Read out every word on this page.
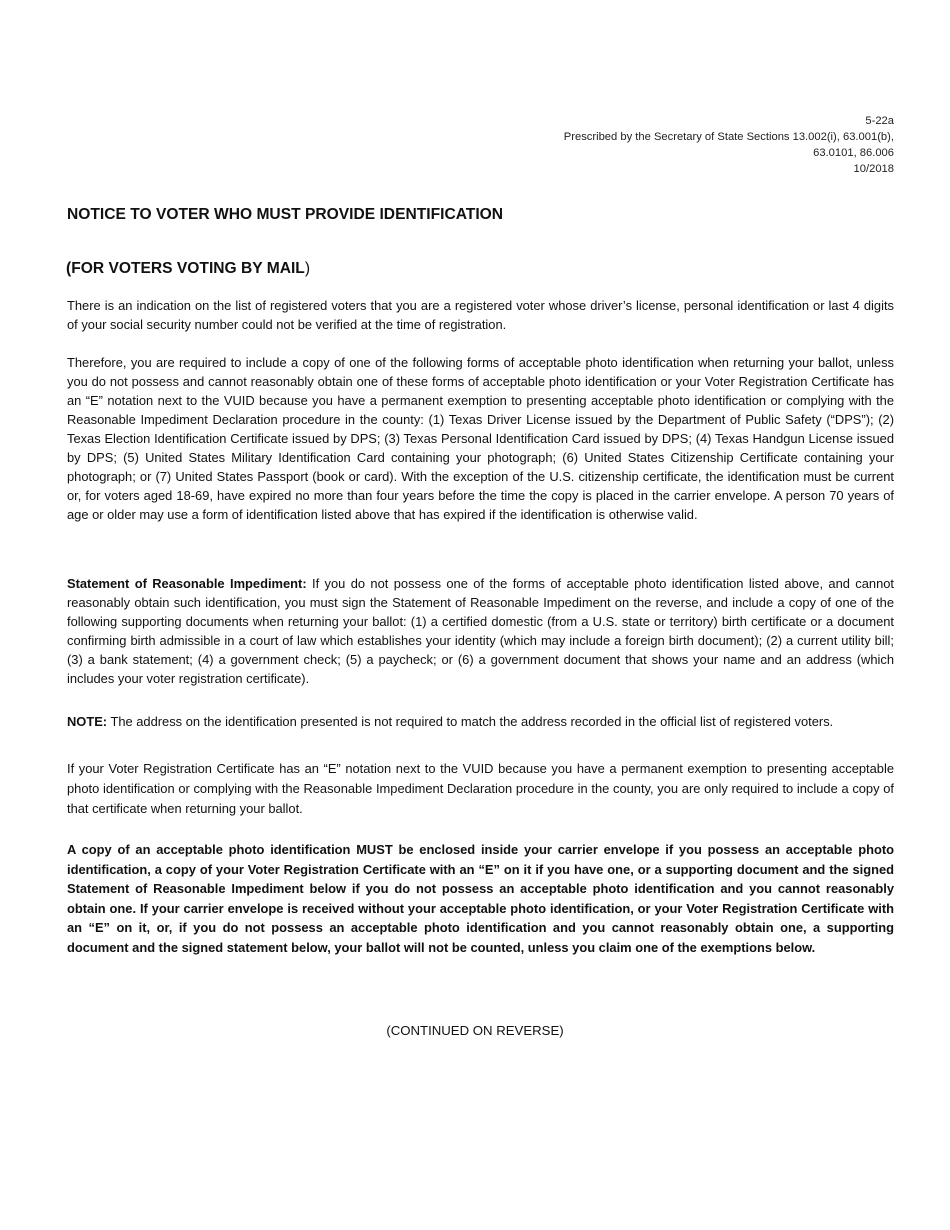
5-22a
Prescribed by the Secretary of State Sections 13.002(i), 63.001(b),
63.0101, 86.006
10/2018
NOTICE TO VOTER WHO MUST PROVIDE IDENTIFICATION
(FOR VOTERS VOTING BY MAIL)

There is an indication on the list of registered voters that you are a registered voter whose driver’s license, personal identification or last 4 digits of your social security number could not be verified at the time of registration.

Therefore, you are required to include a copy of one of the following forms of acceptable photo identification when returning your ballot, unless you do not possess and cannot reasonably obtain one of these forms of acceptable photo identification or your Voter Registration Certificate has an “E” notation next to the VUID because you have a permanent exemption to presenting acceptable photo identification or complying with the Reasonable Impediment Declaration procedure in the county: (1) Texas Driver License issued by the Department of Public Safety (“DPS”); (2) Texas Election Identification Certificate issued by DPS; (3) Texas Personal Identification Card issued by DPS; (4) Texas Handgun License issued by DPS; (5) United States Military Identification Card containing your photograph; (6) United States Citizenship Certificate containing your photograph; or (7) United States Passport (book or card). With the exception of the U.S. citizenship certificate, the identification must be current or, for voters aged 18-69, have expired no more than four years before the time the copy is placed in the carrier envelope. A person 70 years of age or older may use a form of identification listed above that has expired if the identification is otherwise valid.

Statement of Reasonable Impediment: If you do not possess one of the forms of acceptable photo identification listed above, and cannot reasonably obtain such identification, you must sign the Statement of Reasonable Impediment on the reverse, and include a copy of one of the following supporting documents when returning your ballot: (1) a certified domestic (from a U.S. state or territory) birth certificate or a document confirming birth admissible in a court of law which establishes your identity (which may include a foreign birth document); (2) a current utility bill; (3) a bank statement; (4) a government check; (5) a paycheck; or (6) a government document that shows your name and an address (which includes your voter registration certificate).

NOTE: The address on the identification presented is not required to match the address recorded in the official list of registered voters.

If your Voter Registration Certificate has an “E” notation next to the VUID because you have a permanent exemption to presenting acceptable photo identification or complying with the Reasonable Impediment Declaration procedure in the county, you are only required to include a copy of that certificate when returning your ballot.

A copy of an acceptable photo identification MUST be enclosed inside your carrier envelope if you possess an acceptable photo identification, a copy of your Voter Registration Certificate with an “E” on it if you have one, or a supporting document and the signed Statement of Reasonable Impediment below if you do not possess an acceptable photo identification and you cannot reasonably obtain one. If your carrier envelope is received without your acceptable photo identification, or your Voter Registration Certificate with an “E” on it, or, if you do not possess an acceptable photo identification and you cannot reasonably obtain one, a supporting document and the signed statement below, your ballot will not be counted, unless you claim one of the exemptions below.

(CONTINUED ON REVERSE)
